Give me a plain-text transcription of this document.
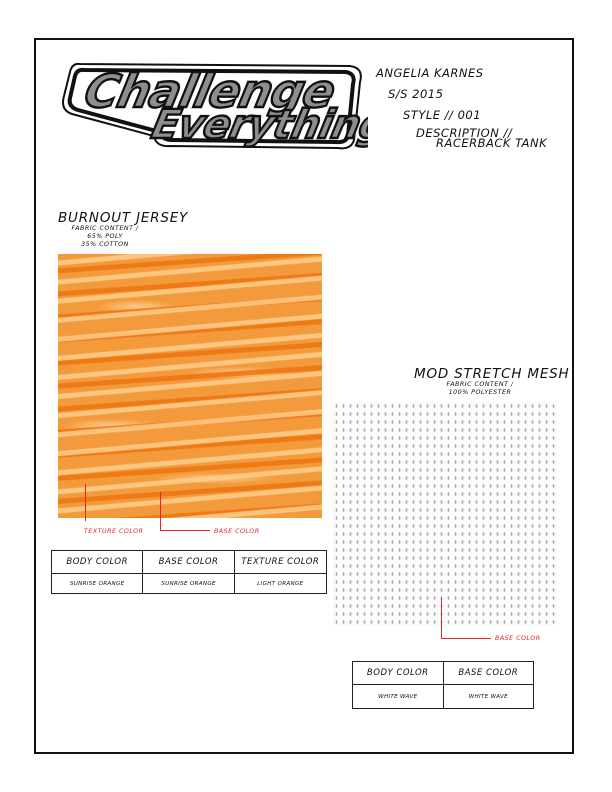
Challenge
Everything
ANGELIA KARNES
S/S 2015
STYLE // 001
DESCRIPTION //
RACERBACK TANK
BURNOUT JERSEY
FABRIC CONTENT /
65% POLY
35% COTTON
TEXTURE COLOR	BASE COLOR
BODY COLOR	BASE COLOR	TEXTURE COLOR
SUNRISE ORANGE	SUNRISE ORANGE	LIGHT ORANGE
MOD STRETCH MESH
FABRIC CONTENT /
100% POLYESTER
BASE COLOR
BODY COLOR	BASE COLOR
WHITE WAVE	WHITE WAVE
